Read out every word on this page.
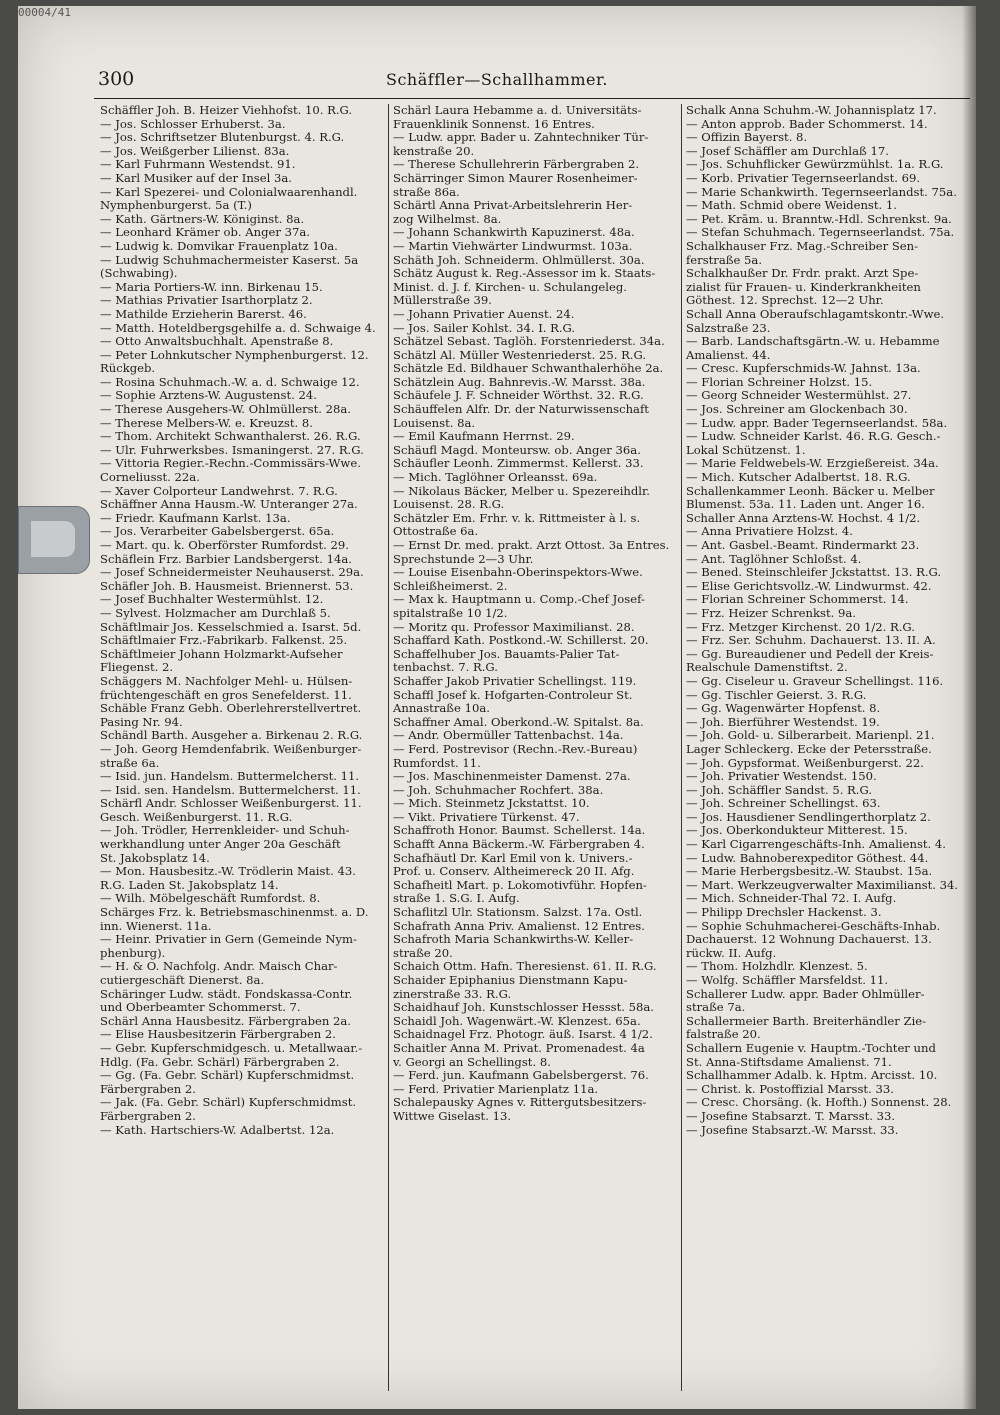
00004/41
300	Schäffler—Schallhammer.
Schäffler Joh. B. Heizer Viehhofst. 10. R.G.
— Jos. Schlosser Erhuberst. 3a.
— Jos. Schriftsetzer Blutenburgst. 4. R.G.
— Jos. Weißgerber Lilienst. 83a.
— Karl Fuhrmann Westendst. 91.
— Karl Musiker auf der Insel 3a.
— Karl Spezerei- und Colonialwaarenhandl.
Nymphenburgerst. 5a (T.)
— Kath. Gärtners-W. Königinst. 8a.
— Leonhard Krämer ob. Anger 37a.
— Ludwig k. Domvikar Frauenplatz 10a.
— Ludwig Schuhmachermeister Kaserst. 5a
(Schwabing).
— Maria Portiers-W. inn. Birkenau 15.
— Mathias Privatier Isarthorplatz 2.
— Mathilde Erzieherin Barerst. 46.
— Matth. Hoteldbergsgehilfe a. d. Schwaige 4.
— Otto Anwaltsbuchhalt. Apenstraße 8.
— Peter Lohnkutscher Nymphenburgerst. 12.
Rückgeb.
— Rosina Schuhmach.-W. a. d. Schwaige 12.
— Sophie Arztens-W. Augustenst. 24.
— Therese Ausgehers-W. Ohlmüllerst. 28a.
— Therese Melbers-W. e. Kreuzst. 8.
— Thom. Architekt Schwanthalerst. 26. R.G.
— Ulr. Fuhrwerksbes. Ismaningerst. 27. R.G.
— Vittoria Regier.-Rechn.-Commissärs-Wwe.
Corneliusst. 22a.
— Xaver Colporteur Landwehrst. 7. R.G.
Schäffner Anna Hausm.-W. Unteranger 27a.
— Friedr. Kaufmann Karlst. 13a.
— Jos. Verarbeiter Gabelsbergerst. 65a.
— Mart. qu. k. Oberförster Rumfordst. 29.
Schäflein Frz. Barbier Landsbergerst. 14a.
— Josef Schneidermeister Neuhauserst. 29a.
Schäfler Joh. B. Hausmeist. Briennerst. 53.
— Josef Buchhalter Westermühlst. 12.
— Sylvest. Holzmacher am Durchlaß 5.
Schäftlmair Jos. Kesselschmied a. Isarst. 5d.
Schäftlmaier Frz.-Fabrikarb. Falkenst. 25.
Schäftlmeier Johann Holzmarkt-Aufseher
Fliegenst. 2.
Schäggers M. Nachfolger Mehl- u. Hülsen-
früchtengeschäft en gros Senefelderst. 11.
Schäble Franz Gebh. Oberlehrerstellvertret.
Pasing Nr. 94.
Schändl Barth. Ausgeher a. Birkenau 2. R.G.
— Joh. Georg Hemdenfabrik. Weißenburger-
straße 6a.
— Isid. jun. Handelsm. Buttermelcherst. 11.
— Isid. sen. Handelsm. Buttermelcherst. 11.
Schärfl Andr. Schlosser Weißenburgerst. 11.
Gesch. Weißenburgerst. 11. R.G.
— Joh. Trödler, Herrenkleider- und Schuh-
werkhandlung unter Anger 20a Geschäft
St. Jakobsplatz 14.
— Mon. Hausbesitz.-W. Trödlerin Maist. 43.
R.G. Laden St. Jakobsplatz 14.
— Wilh. Möbelgeschäft Rumfordst. 8.
Schärges Frz. k. Betriebsmaschinenmst. a. D.
inn. Wienerst. 11a.
— Heinr. Privatier in Gern (Gemeinde Nym-
phenburg).
— H. & O. Nachfolg. Andr. Maisch Char-
cutiergeschäft Dienerst. 8a.
Schäringer Ludw. städt. Fondskassa-Contr.
und Oberbeamter Schommerst. 7.
Schärl Anna Hausbesitz. Färbergraben 2a.
— Elise Hausbesitzerin Färbergraben 2.
— Gebr. Kupferschmidgesch. u. Metallwaar.-
Hdlg. (Fa. Gebr. Schärl) Färbergraben 2.
— Gg. (Fa. Gebr. Schärl) Kupferschmidmst.
Färbergraben 2.
— Jak. (Fa. Gebr. Schärl) Kupferschmidmst.
Färbergraben 2.
— Kath. Hartschiers-W. Adalbertst. 12a.
Schärl Laura Hebamme a. d. Universitäts-
Frauenklinik Sonnenst. 16 Entres.
— Ludw. appr. Bader u. Zahntechniker Tür-
kenstraße 20.
— Therese Schullehrerin Färbergraben 2.
Schärringer Simon Maurer Rosenheimer-
straße 86a.
Schärtl Anna Privat-Arbeitslehrerin Her-
zog Wilhelmst. 8a.
— Johann Schankwirth Kapuzinerst. 48a.
— Martin Viehwärter Lindwurmst. 103a.
Schäth Joh. Schneiderm. Ohlmüllerst. 30a.
Schätz August k. Reg.-Assessor im k. Staats-
Minist. d. J. f. Kirchen- u. Schulangeleg.
Müllerstraße 39.
— Johann Privatier Auenst. 24.
— Jos. Sailer Kohlst. 34. I. R.G.
Schätzel Sebast. Taglöh. Forstenriederst. 34a.
Schätzl Al. Müller Westenriederst. 25. R.G.
Schätzle Ed. Bildhauer Schwanthalerhöhe 2a.
Schätzlein Aug. Bahnrevis.-W. Marsst. 38a.
Schäufele J. F. Schneider Wörthst. 32. R.G.
Schäuffelen Alfr. Dr. der Naturwissenschaft
Louisenst. 8a.
— Emil Kaufmann Herrnst. 29.
Schäufl Magd. Monteursw. ob. Anger 36a.
Schäufler Leonh. Zimmermst. Kellerst. 33.
— Mich. Taglöhner Orleansst. 69a.
— Nikolaus Bäcker, Melber u. Spezereihdlr.
Louisenst. 28. R.G.
Schätzler Em. Frhr. v. k. Rittmeister à l. s.
Ottostraße 6a.
— Ernst Dr. med. prakt. Arzt Ottost. 3a Entres.
Sprechstunde 2—3 Uhr.
— Louise Eisenbahn-Oberinspektors-Wwe.
Schleißheimerst. 2.
— Max k. Hauptmann u. Comp.-Chef Josef-
spitalstraße 10 1/2.
— Moritz qu. Professor Maximilianst. 28.
Schaffard Kath. Postkond.-W. Schillerst. 20.
Schaffelhuber Jos. Bauamts-Palier Tat-
tenbachst. 7. R.G.
Schaffer Jakob Privatier Schellingst. 119.
Schaffl Josef k. Hofgarten-Controleur St.
Annastraße 10a.
Schaffner Amal. Oberkond.-W. Spitalst. 8a.
— Andr. Obermüller Tattenbachst. 14a.
— Ferd. Postrevisor (Rechn.-Rev.-Bureau)
Rumfordst. 11.
— Jos. Maschinenmeister Damenst. 27a.
— Joh. Schuhmacher Rochfert. 38a.
— Mich. Steinmetz Jckstattst. 10.
— Vikt. Privatiere Türkenst. 47.
Schaffroth Honor. Baumst. Schellerst. 14a.
Schafft Anna Bäckerm.-W. Färbergraben 4.
Schafhäutl Dr. Karl Emil von k. Univers.-
Prof. u. Conserv. Altheimereck 20 II. Afg.
Schafheitl Mart. p. Lokomotivführ. Hopfen-
straße 1. S.G. I. Aufg.
Schaflitzl Ulr. Stationsm. Salzst. 17a. Ostl.
Schafrath Anna Priv. Amalienst. 12 Entres.
Schafroth Maria Schankwirths-W. Keller-
straße 20.
Schaich Ottm. Hafn. Theresienst. 61. II. R.G.
Schaider Epiphanius Dienstmann Kapu-
zinerstraße 33. R.G.
Schaidhauf Joh. Kunstschlosser Hessst. 58a.
Schaidl Joh. Wagenwärt.-W. Klenzest. 65a.
Schaidnagel Frz. Photogr. äuß. Isarst. 4 1/2.
Schaitler Anna M. Privat. Promenadest. 4a
v. Georgi an Schellingst. 8.
— Ferd. jun. Kaufmann Gabelsbergerst. 76.
— Ferd. Privatier Marienplatz 11a.
Schalepausky Agnes v. Rittergutsbesitzers-
Wittwe Giselast. 13.
Schalk Anna Schuhm.-W. Johannisplatz 17.
— Anton approb. Bader Schommerst. 14.
— Offizin Bayerst. 8.
— Josef Schäffler am Durchlaß 17.
— Jos. Schuhflicker Gewürzmühlst. 1a. R.G.
— Korb. Privatier Tegernseerlandst. 69.
— Marie Schankwirth. Tegernseerlandst. 75a.
— Math. Schmid obere Weidenst. 1.
— Pet. Krām. u. Branntw.-Hdl. Schrenkst. 9a.
— Stefan Schuhmach. Tegernseerlandst. 75a.
Schalkhauser Frz. Mag.-Schreiber Sen-
ferstraße 5a.
Schalkhaußer Dr. Frdr. prakt. Arzt Spe-
zialist für Frauen- u. Kinderkrankheiten
Göthest. 12. Sprechst. 12—2 Uhr.
Schall Anna Oberaufschlagamtskontr.-Wwe.
Salzstraße 23.
— Barb. Landschaftsgärtn.-W. u. Hebamme
Amalienst. 44.
— Cresc. Kupferschmids-W. Jahnst. 13a.
— Florian Schreiner Holzst. 15.
— Georg Schneider Westermühlst. 27.
— Jos. Schreiner am Glockenbach 30.
— Ludw. appr. Bader Tegernseerlandst. 58a.
— Ludw. Schneider Karlst. 46. R.G. Gesch.-
Lokal Schützenst. 1.
— Marie Feldwebels-W. Erzgießereist. 34a.
— Mich. Kutscher Adalbertst. 18. R.G.
Schallenkammer Leonh. Bäcker u. Melber
Blumenst. 53a. 11. Laden unt. Anger 16.
Schaller Anna Arztens-W. Hochst. 4 1/2.
— Anna Privatiere Holzst. 4.
— Ant. Gasbel.-Beamt. Rindermarkt 23.
— Ant. Taglöhner Schloßst. 4.
— Bened. Steinschleifer Jckstattst. 13. R.G.
— Elise Gerichtsvollz.-W. Lindwurmst. 42.
— Florian Schreiner Schommerst. 14.
— Frz. Heizer Schrenkst. 9a.
— Frz. Metzger Kirchenst. 20 1/2. R.G.
— Frz. Ser. Schuhm. Dachauerst. 13. II. A.
— Gg. Bureaudiener und Pedell der Kreis-
Realschule Damenstiftst. 2.
— Gg. Ciseleur u. Graveur Schellingst. 116.
— Gg. Tischler Geierst. 3. R.G.
— Gg. Wagenwärter Hopfenst. 8.
— Joh. Bierführer Westendst. 19.
— Joh. Gold- u. Silberarbeit. Marienpl. 21.
Lager Schleckerg. Ecke der Petersstraße.
— Joh. Gypsformat. Weißenburgerst. 22.
— Joh. Privatier Westendst. 150.
— Joh. Schäffler Sandst. 5. R.G.
— Joh. Schreiner Schellingst. 63.
— Jos. Hausdiener Sendlingerthorplatz 2.
— Jos. Oberkondukteur Mitterest. 15.
— Karl Cigarrengeschäfts-Inh. Amalienst. 4.
— Ludw. Bahnoberexpeditor Göthest. 44.
— Marie Herbergsbesitz.-W. Staubst. 15a.
— Mart. Werkzeugverwalter Maximilianst. 34.
— Mich. Schneider-Thal 72. I. Aufg.
— Philipp Drechsler Hackenst. 3.
— Sophie Schuhmacherei-Geschäfts-Inhab.
Dachauerst. 12 Wohnung Dachauerst. 13.
rückw. II. Aufg.
— Thom. Holzhdlr. Klenzest. 5.
— Wolfg. Schäffler Marsfeldst. 11.
Schallerer Ludw. appr. Bader Ohlmüller-
straße 7a.
Schallermeier Barth. Breiterhändler Zie-
falstraße 20.
Schallern Eugenie v. Hauptm.-Tochter und
St. Anna-Stiftsdame Amalienst. 71.
Schallhammer Adalb. k. Hptm. Arcisst. 10.
— Christ. k. Postoffizial Marsst. 33.
— Cresc. Chorsäng. (k. Hofth.) Sonnenst. 28.
— Josefine Stabsarzt. T. Marsst. 33.
— Josefine Stabsarzt.-W. Marsst. 33.
